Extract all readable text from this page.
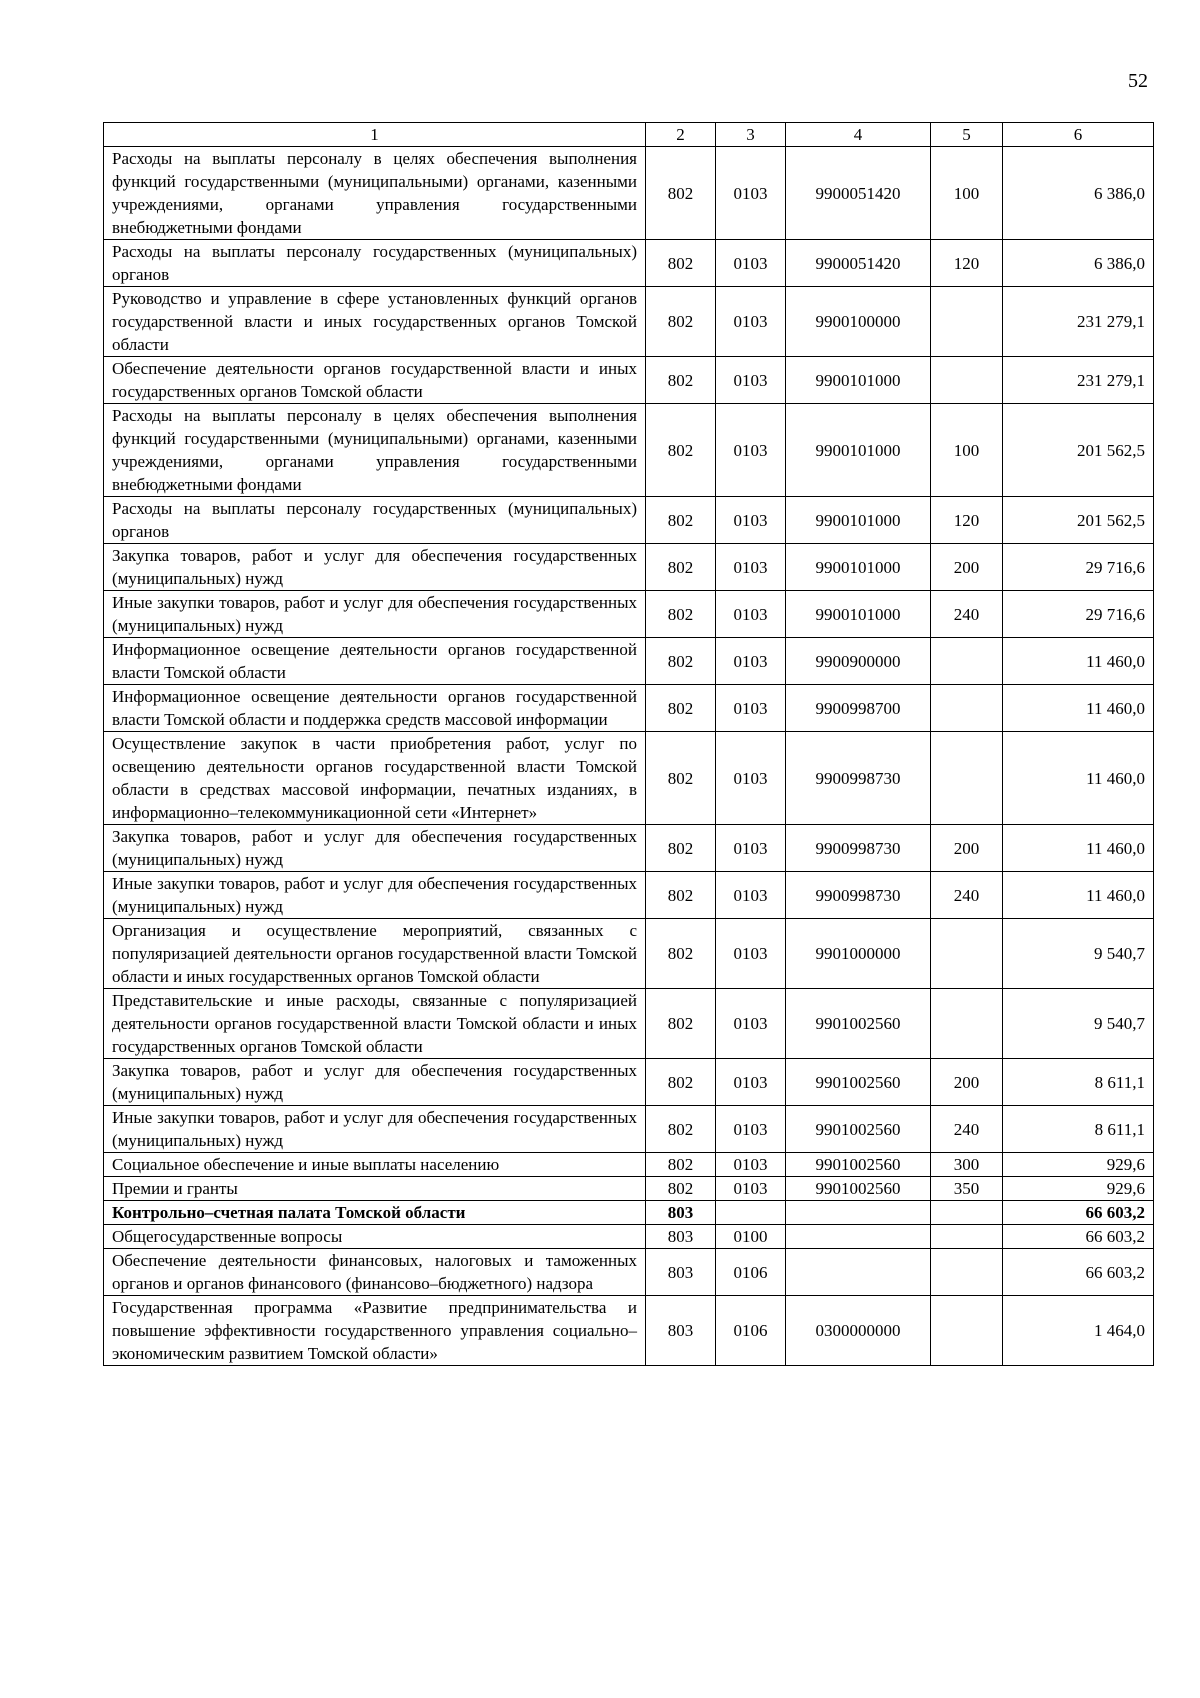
52
1	2	3	4	5	6
Расходы на выплаты персоналу в целях обеспечения выполнения функций государственными (муниципальными) органами, казенными учреждениями, органами управления государственными внебюджетными фондами	802	0103	9900051420	100	6 386,0
Расходы на выплаты персоналу государственных (муниципальных) органов	802	0103	9900051420	120	6 386,0
Руководство и управление в сфере установленных функций органов государственной власти и иных государственных органов Томской области	802	0103	9900100000		231 279,1
Обеспечение деятельности органов государственной власти и иных государственных органов Томской области	802	0103	9900101000		231 279,1
Расходы на выплаты персоналу в целях обеспечения выполнения функций государственными (муниципальными) органами, казенными учреждениями, органами управления государственными внебюджетными фондами	802	0103	9900101000	100	201 562,5
Расходы на выплаты персоналу государственных (муниципальных) органов	802	0103	9900101000	120	201 562,5
Закупка товаров, работ и услуг для обеспечения государственных (муниципальных) нужд	802	0103	9900101000	200	29 716,6
Иные закупки товаров, работ и услуг для обеспечения государственных (муниципальных) нужд	802	0103	9900101000	240	29 716,6
Информационное освещение деятельности органов государственной власти Томской области	802	0103	9900900000		11 460,0
Информационное освещение деятельности органов государственной власти Томской области и поддержка средств массовой информации	802	0103	9900998700		11 460,0
Осуществление закупок в части приобретения работ, услуг по освещению деятельности органов государственной власти Томской области в средствах массовой информации, печатных изданиях, в информационно–телекоммуникационной сети «Интернет»	802	0103	9900998730		11 460,0
Закупка товаров, работ и услуг для обеспечения государственных (муниципальных) нужд	802	0103	9900998730	200	11 460,0
Иные закупки товаров, работ и услуг для обеспечения государственных (муниципальных) нужд	802	0103	9900998730	240	11 460,0
Организация и осуществление мероприятий, связанных с популяризацией деятельности органов государственной власти Томской области и иных государственных органов Томской области	802	0103	9901000000		9 540,7
Представительские и иные расходы, связанные с популяризацией деятельности органов государственной власти Томской области и иных государственных органов Томской области	802	0103	9901002560		9 540,7
Закупка товаров, работ и услуг для обеспечения государственных (муниципальных) нужд	802	0103	9901002560	200	8 611,1
Иные закупки товаров, работ и услуг для обеспечения государственных (муниципальных) нужд	802	0103	9901002560	240	8 611,1
Социальное обеспечение и иные выплаты населению	802	0103	9901002560	300	929,6
Премии и гранты	802	0103	9901002560	350	929,6
Контрольно–счетная палата Томской области	803				66 603,2
Общегосударственные вопросы	803	0100			66 603,2
Обеспечение деятельности финансовых, налоговых и таможенных органов и органов финансового (финансово–бюджетного) надзора	803	0106			66 603,2
Государственная программа «Развитие предпринимательства и повышение эффективности государственного управления социально–экономическим развитием Томской области»	803	0106	0300000000		1 464,0
